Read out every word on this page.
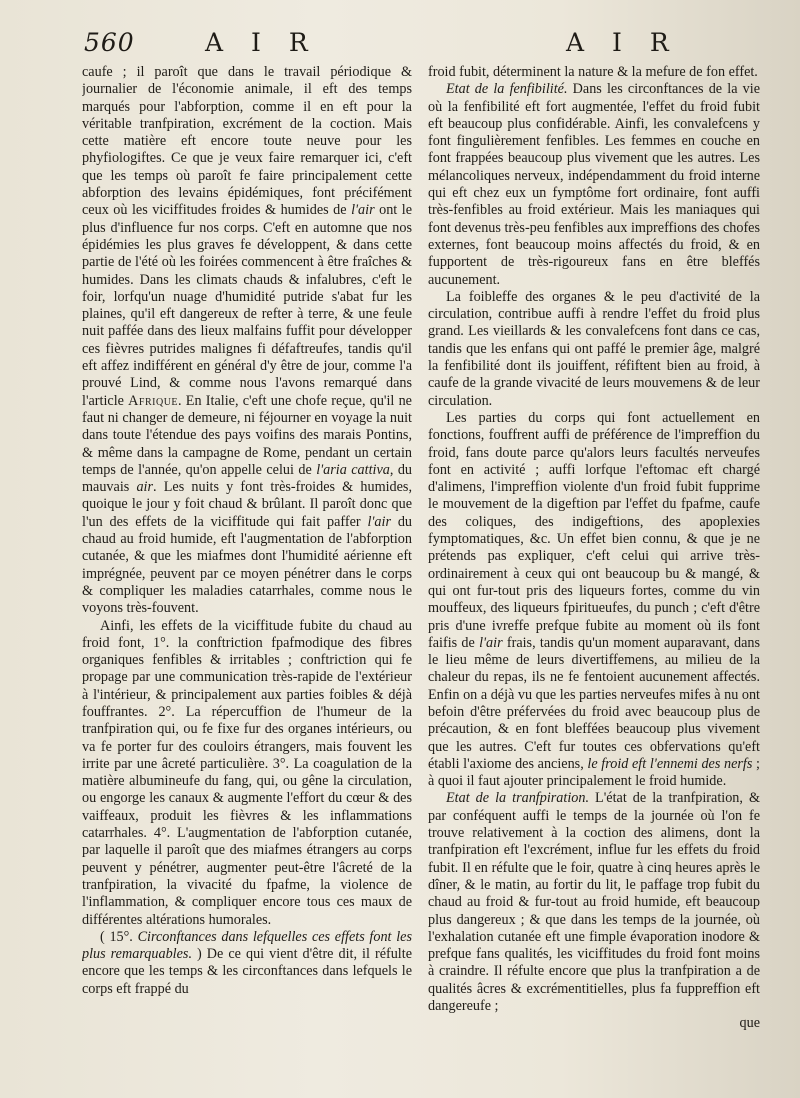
560	A I R	A I R

caufe ; il paroît que dans le travail périodique & journalier de l'économie animale, il eft des temps marqués pour l'abforption, comme il en eft pour la véritable tranfpiration, excrément de la coction. Mais cette matière eft encore toute neuve pour les phyfiologiftes. Ce que je veux faire remarquer ici, c'eft que les temps où paroît fe faire principalement cette abforption des levains épidémiques, font précifément ceux où les viciffitudes froides & humides de l'air ont le plus d'influence fur nos corps. C'eft en automne que nos épidémies les plus graves fe développent, & dans cette partie de l'été où les foirées commencent à être fraîches & humides. Dans les climats chauds & infalubres, c'eft le foir, lorfqu'un nuage d'humidité putride s'abat fur les plaines, qu'il eft dangereux de refter à terre, & une feule nuit paffée dans des lieux malfains fuffit pour développer ces fièvres putrides malignes fi défaftreufes, tandis qu'il eft affez indifférent en général d'y être de jour, comme l'a prouvé Lind, & comme nous l'avons remarqué dans l'article Afrique. En Italie, c'eft une chofe reçue, qu'il ne faut ni changer de demeure, ni féjourner en voyage la nuit dans toute l'étendue des pays voifins des marais Pontins, & même dans la campagne de Rome, pendant un certain temps de l'année, qu'on appelle celui de l'aria cattiva, du mauvais air. Les nuits y font très-froides & humides, quoique le jour y foit chaud & brûlant. Il paroît donc que l'un des effets de la viciffitude qui fait paffer l'air du chaud au froid humide, eft l'augmentation de l'abforption cutanée, & que les miafmes dont l'humidité aérienne eft imprégnée, peuvent par ce moyen pénétrer dans le corps & compliquer les maladies catarrhales, comme nous le voyons très-fouvent.

Ainfi, les effets de la viciffitude fubite du chaud au froid font, 1°. la conftriction fpafmodique des fibres organiques fenfibles & irritables ; conftriction qui fe propage par une communication très-rapide de l'extérieur à l'intérieur, & principalement aux parties foibles & déjà fouffrantes. 2°. La répercuffion de l'humeur de la tranfpiration qui, ou fe fixe fur des organes intérieurs, ou va fe porter fur des couloirs étrangers, mais fouvent les irrite par une âcreté particulière. 3°. La coagulation de la matière albumineufe du fang, qui, ou gêne la circulation, ou engorge les canaux & augmente l'effort du cœur & des vaiffeaux, produit les fièvres & les inflammations catarrhales. 4°. L'augmentation de l'abforption cutanée, par laquelle il paroît que des miafmes étrangers au corps peuvent y pénétrer, augmenter peut-être l'âcreté de la tranfpiration, la vivacité du fpafme, la violence de l'inflammation, & compliquer encore tous ces maux de différentes altérations humorales.

( 15°. Circonftances dans lefquelles ces effets font les plus remarquables. ) De ce qui vient d'être dit, il réfulte encore que les temps & les circonftances dans lefquels le corps eft frappé du

froid fubit, déterminent la nature & la mefure de fon effet.

Etat de la fenfibilité. Dans les circonftances de la vie où la fenfibilité eft fort augmentée, l'effet du froid fubit eft beaucoup plus confidérable. Ainfi, les convalefcens y font fingulièrement fenfibles. Les femmes en couche en font frappées beaucoup plus vivement que les autres. Les mélancoliques nerveux, indépendamment du froid interne qui eft chez eux un fymptôme fort ordinaire, font auffi très-fenfibles au froid extérieur. Mais les maniaques qui font devenus très-peu fenfibles aux impreffions des chofes externes, font beaucoup moins affectés du froid, & en fupportent de très-rigoureux fans en être bleffés aucunement.

La foibleffe des organes & le peu d'activité de la circulation, contribue auffi à rendre l'effet du froid plus grand. Les vieillards & les convalefcens font dans ce cas, tandis que les enfans qui ont paffé le premier âge, malgré la fenfibilité dont ils jouiffent, réfiftent bien au froid, à caufe de la grande vivacité de leurs mouvemens & de leur circulation.

Les parties du corps qui font actuellement en fonctions, fouffrent auffi de préférence de l'impreffion du froid, fans doute parce qu'alors leurs facultés nerveufes font en activité ; auffi lorfque l'eftomac eft chargé d'alimens, l'impreffion violente d'un froid fubit fupprime le mouvement de la digeftion par l'effet du fpafme, caufe des coliques, des indigeftions, des apoplexies fymptomatiques, &c. Un effet bien connu, & que je ne prétends pas expliquer, c'eft celui qui arrive très-ordinairement à ceux qui ont beaucoup bu & mangé, & qui ont fur-tout pris des liqueurs fortes, comme du vin mouffeux, des liqueurs fpiritueufes, du punch ; c'eft d'être pris d'une ivreffe prefque fubite au moment où ils font faifis de l'air frais, tandis qu'un moment auparavant, dans le lieu même de leurs divertiffemens, au milieu de la chaleur du repas, ils ne fe fentoient aucunement affectés. Enfin on a déjà vu que les parties nerveufes mifes à nu ont befoin d'être préfervées du froid avec beaucoup plus de précaution, & en font bleffées beaucoup plus vivement que les autres. C'eft fur toutes ces obfervations qu'eft établi l'axiome des anciens, le froid eft l'ennemi des nerfs ; à quoi il faut ajouter principalement le froid humide.

Etat de la tranfpiration. L'état de la tranfpiration, & par conféquent auffi le temps de la journée où l'on fe trouve relativement à la coction des alimens, dont la tranfpiration eft l'excrément, influe fur les effets du froid fubit. Il en réfulte que le foir, quatre à cinq heures après le dîner, & le matin, au fortir du lit, le paffage trop fubit du chaud au froid & fur-tout au froid humide, eft beaucoup plus dangereux ; & que dans les temps de la journée, où l'exhalation cutanée eft une fimple évaporation inodore & prefque fans qualités, les viciffitudes du froid font moins à craindre. Il réfulte encore que plus la tranfpiration a de qualités âcres & excrémentitielles, plus fa fuppreffion eft dangereufe ;

que
